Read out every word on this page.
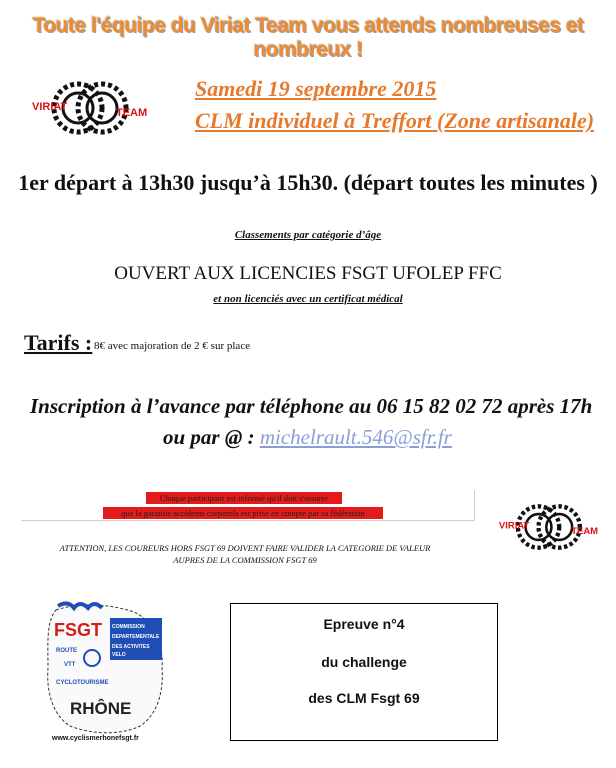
Toute l'équipe du Viriat Team vous attends nombreuses et nombreux !
VIRIAT	TEAM
Samedi 19 septembre 2015
CLM individuel à Treffort (Zone artisanale)
1er départ à 13h30 jusqu’à 15h30. (départ toutes les minutes )
Classements par catégorie d’âge
OUVERT AUX LICENCIES FSGT UFOLEP FFC
et non licenciés avec un certificat médical
Tarifs : 8€ avec majoration de 2 € sur place
Inscription à l’avance par téléphone au 06 15 82 02 72 après 17h
ou par @ : michelrault.546@sfr.fr
Chaque participant est informé qu'il doit s'assurer
que la garantie accidents corporels est prise en compte par sa fédération
VIRIAT	TEAM
ATTENTION, LES COUREURS HORS FSGT 69 DOIVENT FAIRE VALIDER LA CATEGORIE DE VALEUR
AUPRES DE LA COMMISSION FSGT 69
FSGT COMMISSION
DEPARTEMENTALE
DES ACTIVITES
VELO
ROUTE
VTT
CYCLOTOURISME
RHÔNE
www.cyclismerhonefsgt.fr
Epreuve n°4
du challenge
des CLM Fsgt 69
